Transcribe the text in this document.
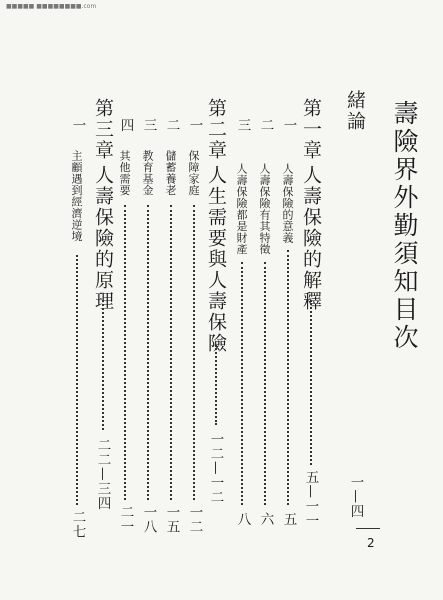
■■■■■ ■■■■■■■■.com
壽險界外勤須知目次
緒論
一—四
第一章
人壽保險的解釋
五—一一
一
人壽保險的意義
五
二
人壽保險有其特徵
六
三
人壽保險都是財產
八
第二章
人生需要與人壽保險
一二—一二
一
保障家庭
一二
二
儲蓄養老
一五
三
教育基金
一八
四
其他需要
二一
第三章
人壽保險的原理
二二—三四
一
主顧遇到經濟逆境
二七
2
